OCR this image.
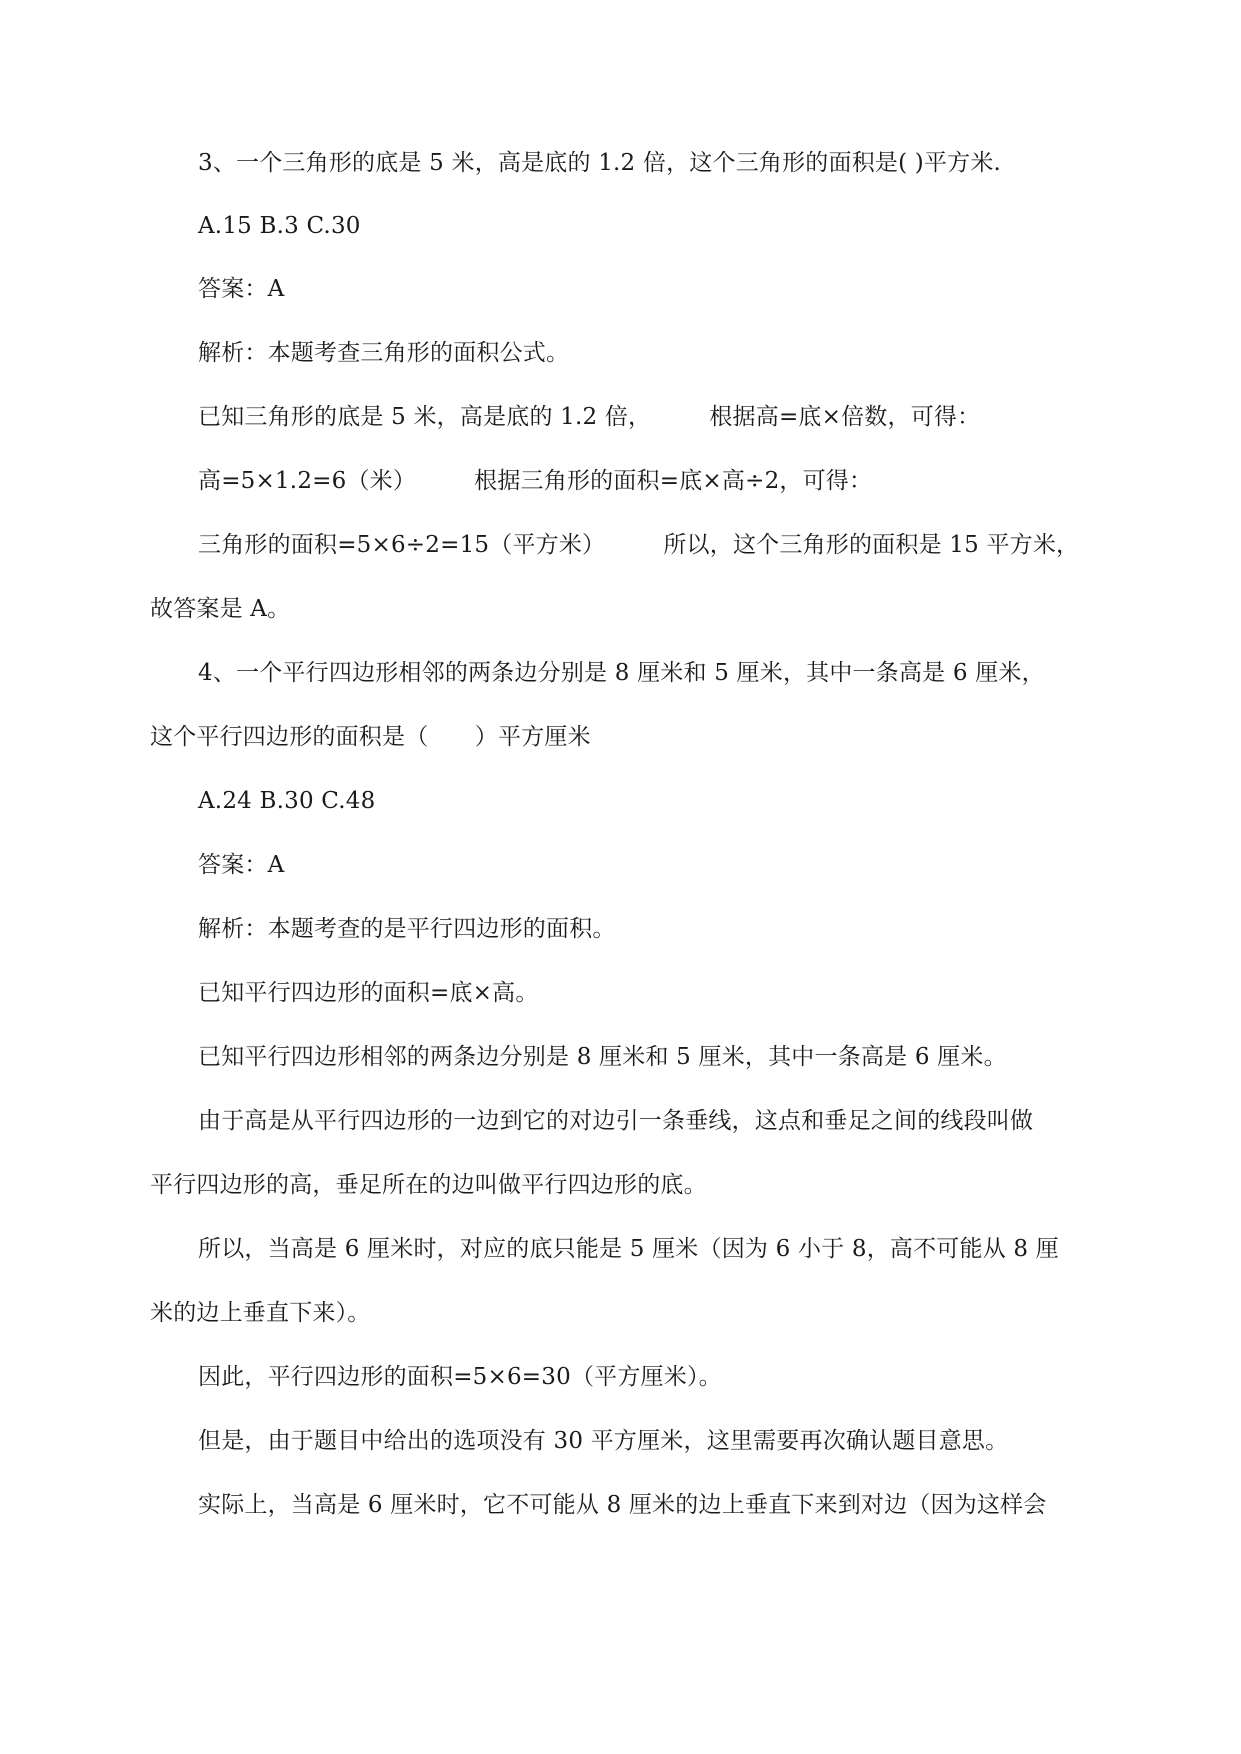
3、一个三角形的底是 5 米，高是底的 1.2 倍，这个三角形的面积是( )平方米.
A.15 B.3 C.30
答案：A
解析：本题考查三角形的面积公式。
已知三角形的底是 5 米，高是底的 1.2 倍，　　　根据高=底×倍数，可得：
高=5×1.2=6（米）　　　根据三角形的面积=底×高÷2，可得：
三角形的面积=5×6÷2=15（平方米）　　　所以，这个三角形的面积是 15 平方米，
故答案是 A。
4、一个平行四边形相邻的两条边分别是 8 厘米和 5 厘米，其中一条高是 6 厘米，
这个平行四边形的面积是（　　）平方厘米
A.24 B.30 C.48
答案：A
解析：本题考查的是平行四边形的面积。
已知平行四边形的面积=底×高。
已知平行四边形相邻的两条边分别是 8 厘米和 5 厘米，其中一条高是 6 厘米。
由于高是从平行四边形的一边到它的对边引一条垂线，这点和垂足之间的线段叫做
平行四边形的高，垂足所在的边叫做平行四边形的底。
所以，当高是 6 厘米时，对应的底只能是 5 厘米（因为 6 小于 8，高不可能从 8 厘
米的边上垂直下来）。
因此，平行四边形的面积=5×6=30（平方厘米）。
但是，由于题目中给出的选项没有 30 平方厘米，这里需要再次确认题目意思。
实际上，当高是 6 厘米时，它不可能从 8 厘米的边上垂直下来到对边（因为这样会
